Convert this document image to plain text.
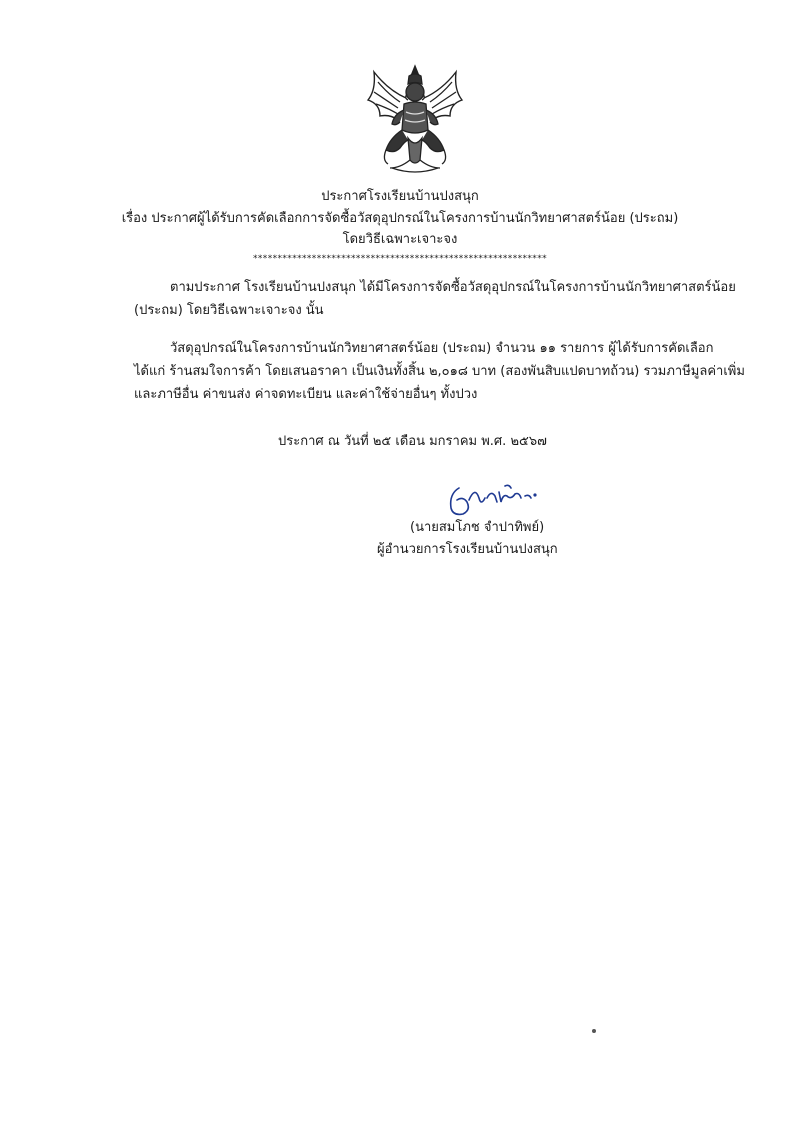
ประกาศโรงเรียนบ้านปงสนุก
เรื่อง ประกาศผู้ได้รับการคัดเลือกการจัดซื้อวัสดุอุปกรณ์ในโครงการบ้านนักวิทยาศาสตร์น้อย (ประถม)
โดยวิธีเฉพาะเจาะจง
************************************************************
ตามประกาศ โรงเรียนบ้านปงสนุก ได้มีโครงการจัดซื้อวัสดุอุปกรณ์ในโครงการบ้านนักวิทยาศาสตร์น้อย
(ประถม) โดยวิธีเฉพาะเจาะจง นั้น
วัสดุอุปกรณ์ในโครงการบ้านนักวิทยาศาสตร์น้อย (ประถม) จำนวน ๑๑ รายการ ผู้ได้รับการคัดเลือก
ได้แก่ ร้านสมใจการค้า โดยเสนอราคา เป็นเงินทั้งสิ้น ๒,๐๑๘ บาท (สองพันสิบแปดบาทถ้วน) รวมภาษีมูลค่าเพิ่ม
และภาษีอื่น ค่าขนส่ง ค่าจดทะเบียน และค่าใช้จ่ายอื่นๆ ทั้งปวง
ประกาศ ณ วันที่ ๒๕ เดือน มกราคม พ.ศ. ๒๕๖๗
(นายสมโภช จำปาทิพย์)
ผู้อำนวยการโรงเรียนบ้านปงสนุก
